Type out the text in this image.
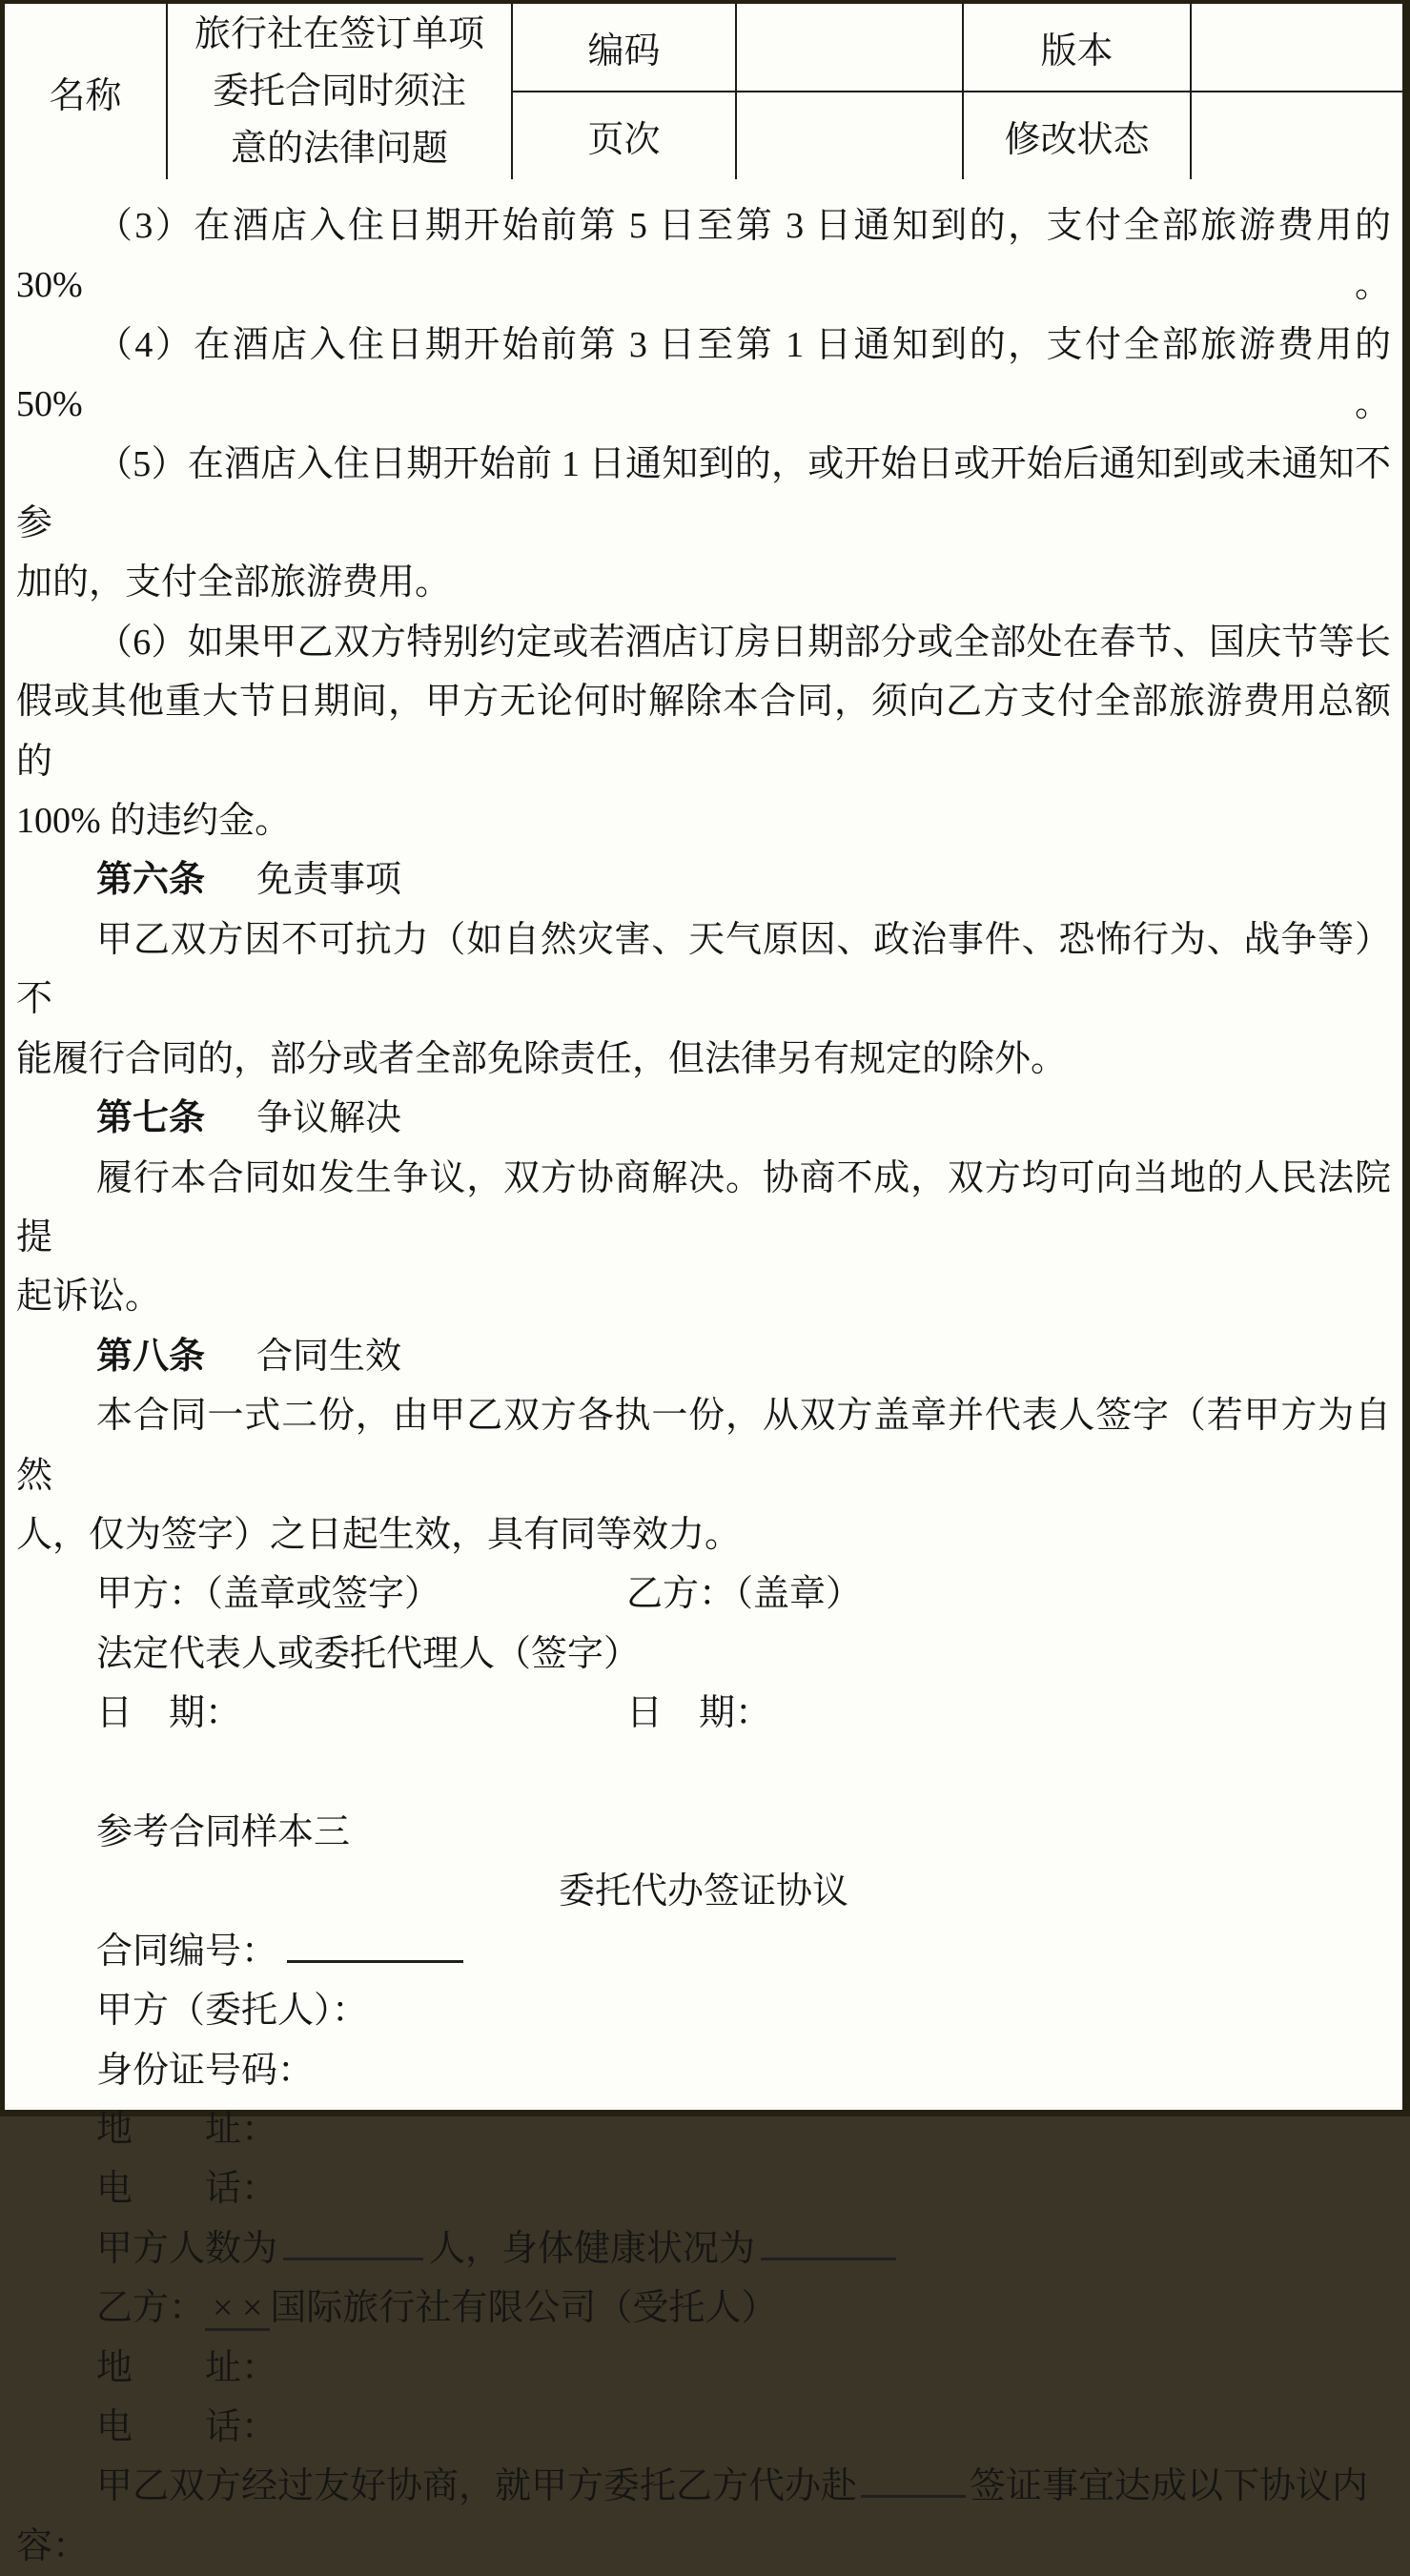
名称	旅行社在签订单项
委托合同时须注
意的法律问题	编码		版本	
		页次		修改状态	
（3）在酒店入住日期开始前第 5 日至第 3 日通知到的，支付全部旅游费用的 30%。
（4）在酒店入住日期开始前第 3 日至第 1 日通知到的，支付全部旅游费用的 50%。
（5）在酒店入住日期开始前 1 日通知到的，或开始日或开始后通知到或未通知不参
加的，支付全部旅游费用。
（6）如果甲乙双方特别约定或若酒店订房日期部分或全部处在春节、国庆节等长
假或其他重大节日期间，甲方无论何时解除本合同，须向乙方支付全部旅游费用总额的
100% 的违约金。
第六条 免责事项
甲乙双方因不可抗力（如自然灾害、天气原因、政治事件、恐怖行为、战争等）不
能履行合同的，部分或者全部免除责任，但法律另有规定的除外。
第七条 争议解决
履行本合同如发生争议，双方协商解决。协商不成，双方均可向当地的人民法院提
起诉讼。
第八条 合同生效
本合同一式二份，由甲乙双方各执一份，从双方盖章并代表人签字（若甲方为自然
人，仅为签字）之日起生效，具有同等效力。
甲方：（盖章或签字）	乙方：（盖章）
法定代表人或委托代理人（签字）
日　期：	日　期：
参考合同样本三
委托代办签证协议
合同编号：
甲方（委托人）：
身份证号码：
地　　址：
电　　话：
甲方人数为	人，身体健康状况为
乙方： × × 国际旅行社有限公司（受托人）
地　　址：
电　　话：
甲乙双方经过友好协商，就甲方委托乙方代办赴	签证事宜达成以下协议内容：
